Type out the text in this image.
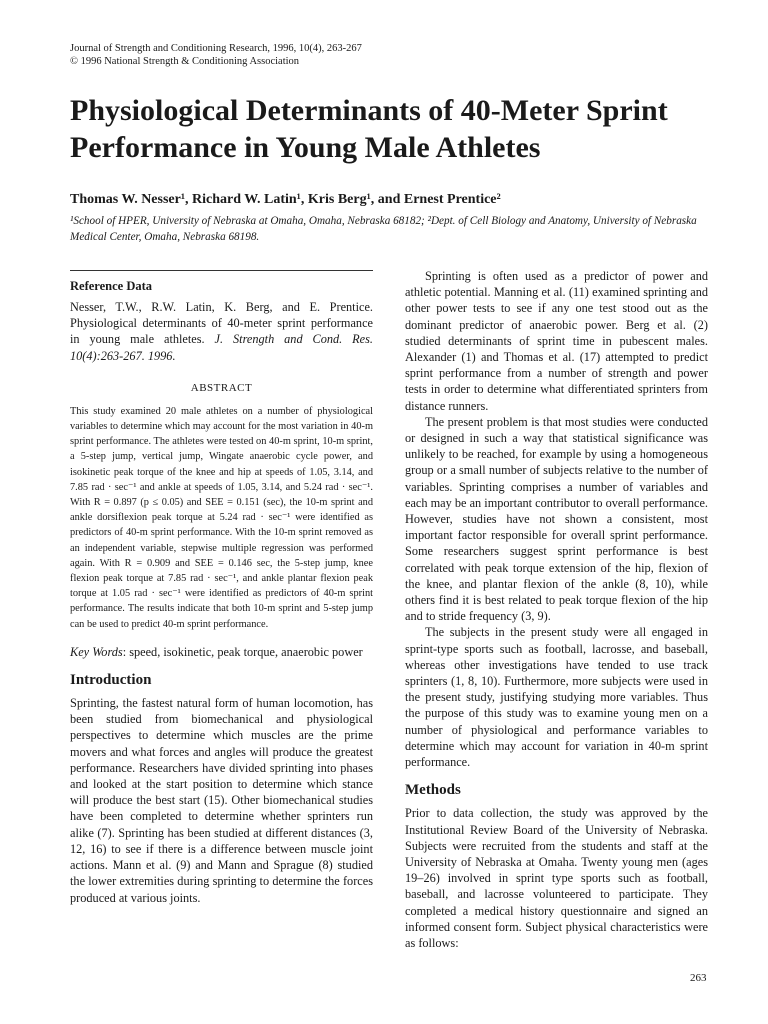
Journal of Strength and Conditioning Research, 1996, 10(4), 263-267
© 1996 National Strength & Conditioning Association
Physiological Determinants of 40-Meter Sprint Performance in Young Male Athletes
Thomas W. Nesser¹, Richard W. Latin¹, Kris Berg¹, and Ernest Prentice²
¹School of HPER, University of Nebraska at Omaha, Omaha, Nebraska 68182; ²Dept. of Cell Biology and Anatomy, University of Nebraska Medical Center, Omaha, Nebraska 68198.
Reference Data

Nesser, T.W., R.W. Latin, K. Berg, and E. Prentice. Physiological determinants of 40-meter sprint performance in young male athletes. J. Strength and Cond. Res. 10(4):263-267. 1996.

ABSTRACT

This study examined 20 male athletes on a number of physiological variables to determine which may account for the most variation in 40-m sprint performance. The athletes were tested on 40-m sprint, 10-m sprint, a 5-step jump, vertical jump, Wingate anaerobic cycle power, and isokinetic peak torque of the knee and hip at speeds of 1.05, 3.14, and 7.85 rad · sec⁻¹ and ankle at speeds of 1.05, 3.14, and 5.24 rad · sec⁻¹. With R = 0.897 (p ≤ 0.05) and SEE = 0.151 (sec), the 10-m sprint and ankle dorsiflexion peak torque at 5.24 rad · sec⁻¹ were identified as predictors of 40-m sprint performance. With the 10-m sprint removed as an independent variable, stepwise multiple regression was performed again. With R = 0.909 and SEE = 0.146 sec, the 5-step jump, knee flexion peak torque at 7.85 rad · sec⁻¹, and ankle plantar flexion peak torque at 1.05 rad · sec⁻¹ were identified as predictors of 40-m sprint performance. The results indicate that both 10-m sprint and 5-step jump can be used to predict 40-m sprint performance.

Key Words: speed, isokinetic, peak torque, anaerobic power

Introduction

Sprinting, the fastest natural form of human locomotion, has been studied from biomechanical and physiological perspectives to determine which muscles are the prime movers and what forces and angles will produce the greatest performance. Researchers have divided sprinting into phases and looked at the start position to determine which stance will produce the best start (15). Other biomechanical studies have been completed to determine whether sprinters run alike (7). Sprinting has been studied at different distances (3, 12, 16) to see if there is a difference between muscle joint actions. Mann et al. (9) and Mann and Sprague (8) studied the lower extremities during sprinting to determine the forces produced at various joints.

Sprinting is often used as a predictor of power and athletic potential. Manning et al. (11) examined sprinting and other power tests to see if any one test stood out as the dominant predictor of anaerobic power. Berg et al. (2) studied determinants of sprint time in pubescent males. Alexander (1) and Thomas et al. (17) attempted to predict sprint performance from a number of strength and power tests in order to determine what differentiated sprinters from distance runners.

The present problem is that most studies were conducted or designed in such a way that statistical significance was unlikely to be reached, for example by using a homogeneous group or a small number of subjects relative to the number of variables. Sprinting comprises a number of variables and each may be an important contributor to overall performance. However, studies have not shown a consistent, most important factor responsible for overall sprint performance. Some researchers suggest sprint performance is best correlated with peak torque extension of the hip, flexion of the knee, and plantar flexion of the ankle (8, 10), while others find it is best related to peak torque flexion of the hip and to stride frequency (3, 9).

The subjects in the present study were all engaged in sprint-type sports such as football, lacrosse, and baseball, whereas other investigations have tended to use track sprinters (1, 8, 10). Furthermore, more subjects were used in the present study, justifying studying more variables. Thus the purpose of this study was to examine young men on a number of physiological and performance variables to determine which may account for variation in 40-m sprint performance.

Methods

Prior to data collection, the study was approved by the Institutional Review Board of the University of Nebraska. Subjects were recruited from the students and staff at the University of Nebraska at Omaha. Twenty young men (ages 19–26) involved in sprint type sports such as football, baseball, and lacrosse volunteered to participate. They completed a medical history questionnaire and signed an informed consent form. Subject physical characteristics were as follows:

263
